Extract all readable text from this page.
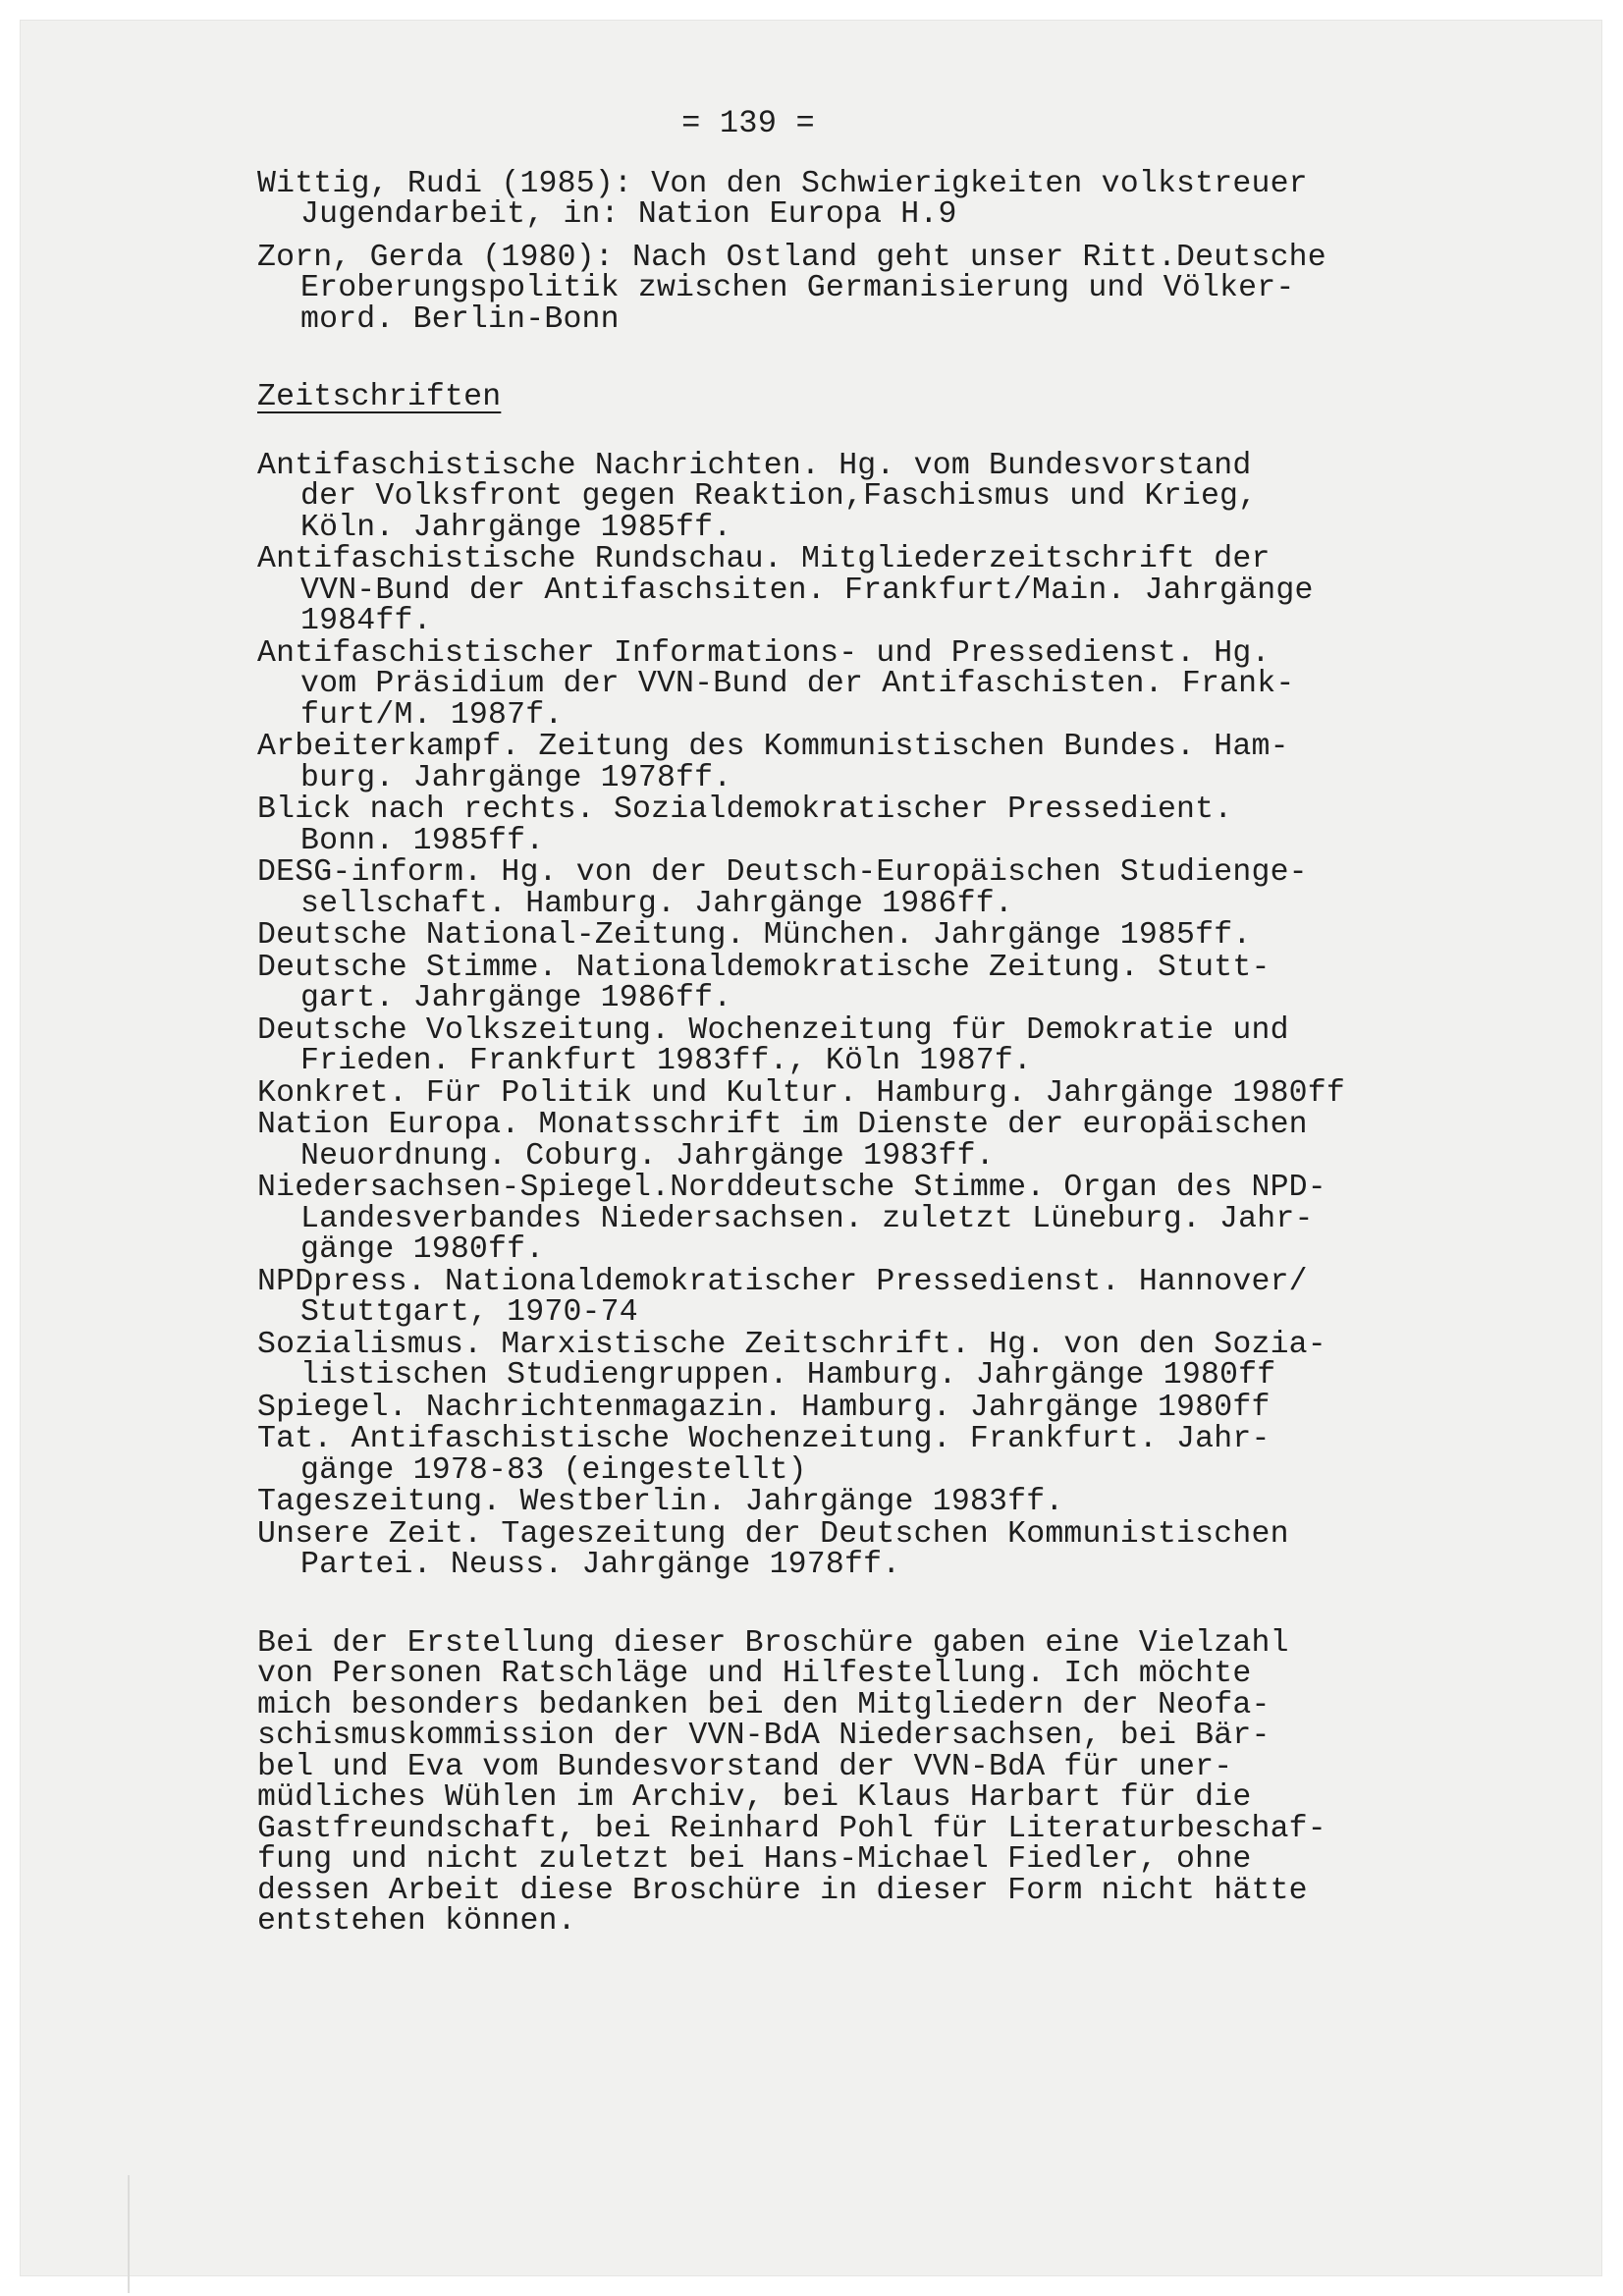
= 139 =
Wittig, Rudi (1985): Von den Schwierigkeiten volkstreuer
Jugendarbeit, in: Nation Europa H.9
Zorn, Gerda (1980): Nach Ostland geht unser Ritt.Deutsche
Eroberungspolitik zwischen Germanisierung und Völker-
mord. Berlin-Bonn
Zeitschriften
Antifaschistische Nachrichten. Hg. vom Bundesvorstand
der Volksfront gegen Reaktion,Faschismus und Krieg,
Köln. Jahrgänge 1985ff.
Antifaschistische Rundschau. Mitgliederzeitschrift der
VVN-Bund der Antifaschsiten. Frankfurt/Main. Jahrgänge
1984ff.
Antifaschistischer Informations- und Pressedienst. Hg.
vom Präsidium der VVN-Bund der Antifaschisten. Frank-
furt/M. 1987f.
Arbeiterkampf. Zeitung des Kommunistischen Bundes. Ham-
burg. Jahrgänge 1978ff.
Blick nach rechts. Sozialdemokratischer Pressedient.
Bonn. 1985ff.
DESG-inform. Hg. von der Deutsch-Europäischen Studienge-
sellschaft. Hamburg. Jahrgänge 1986ff.
Deutsche National-Zeitung. München. Jahrgänge 1985ff.
Deutsche Stimme. Nationaldemokratische Zeitung. Stutt-
gart. Jahrgänge 1986ff.
Deutsche Volkszeitung. Wochenzeitung für Demokratie und
Frieden. Frankfurt 1983ff., Köln 1987f.
Konkret. Für Politik und Kultur. Hamburg. Jahrgänge 1980ff
Nation Europa. Monatsschrift im Dienste der europäischen
Neuordnung. Coburg. Jahrgänge 1983ff.
Niedersachsen-Spiegel.Norddeutsche Stimme. Organ des NPD-
Landesverbandes Niedersachsen. zuletzt Lüneburg. Jahr-
gänge 1980ff.
NPDpress. Nationaldemokratischer Pressedienst. Hannover/
Stuttgart, 1970-74
Sozialismus. Marxistische Zeitschrift. Hg. von den Sozia-
listischen Studiengruppen. Hamburg. Jahrgänge 1980ff
Spiegel. Nachrichtenmagazin. Hamburg. Jahrgänge 1980ff
Tat. Antifaschistische Wochenzeitung. Frankfurt. Jahr-
gänge 1978-83 (eingestellt)
Tageszeitung. Westberlin. Jahrgänge 1983ff.
Unsere Zeit. Tageszeitung der Deutschen Kommunistischen
Partei. Neuss. Jahrgänge 1978ff.
Bei der Erstellung dieser Broschüre gaben eine Vielzahl
von Personen Ratschläge und Hilfestellung. Ich möchte
mich besonders bedanken bei den Mitgliedern der Neofa-
schismuskommission der VVN-BdA Niedersachsen, bei Bär-
bel und Eva vom Bundesvorstand der VVN-BdA für uner-
müdliches Wühlen im Archiv, bei Klaus Harbart für die
Gastfreundschaft, bei Reinhard Pohl für Literaturbeschaf-
fung und nicht zuletzt bei Hans-Michael Fiedler, ohne
dessen Arbeit diese Broschüre in dieser Form nicht hätte
entstehen können.
